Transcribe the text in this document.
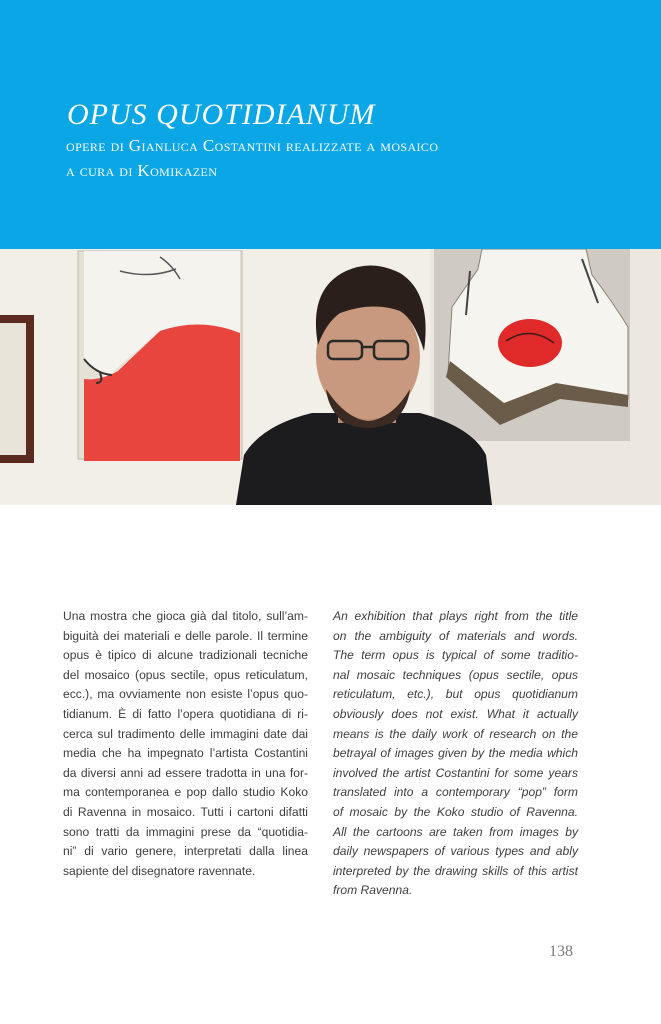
OPUS QUOTIDIANUM
opere di Gianluca Costantini realizzate a mosaico
a cura di Komikazen
Una mostra che gioca già dal titolo, sull’am-
biguità dei materiali e delle parole. Il termine
opus è tipico di alcune tradizionali tecniche
del mosaico (opus sectile, opus reticulatum,
ecc.), ma ovviamente non esiste l’opus quo-
tidianum. È di fatto l’opera quotidiana di ri-
cerca sul tradimento delle immagini date dai
media che ha impegnato l’artista Costantini
da diversi anni ad essere tradotta in una for-
ma contemporanea e pop dallo studio Koko
di Ravenna in mosaico. Tutti i cartoni difatti
sono tratti da immagini prese da “quotidia-
ni” di vario genere, interpretati dalla linea
sapiente del disegnatore ravennate.
An exhibition that plays right from the title
on the ambiguity of materials and words.
The term opus is typical of some traditio-
nal mosaic techniques (opus sectile, opus
reticulatum, etc.), but opus quotidianum
obviously does not exist. What it actually
means is the daily work of research on the
betrayal of images given by the media which
involved the artist Costantini for some years
translated into a contemporary “pop” form
of mosaic by the Koko studio of Ravenna.
All the cartoons are taken from images by
daily newspapers of various types and ably
interpreted by the drawing skills of this artist
from Ravenna.
138
